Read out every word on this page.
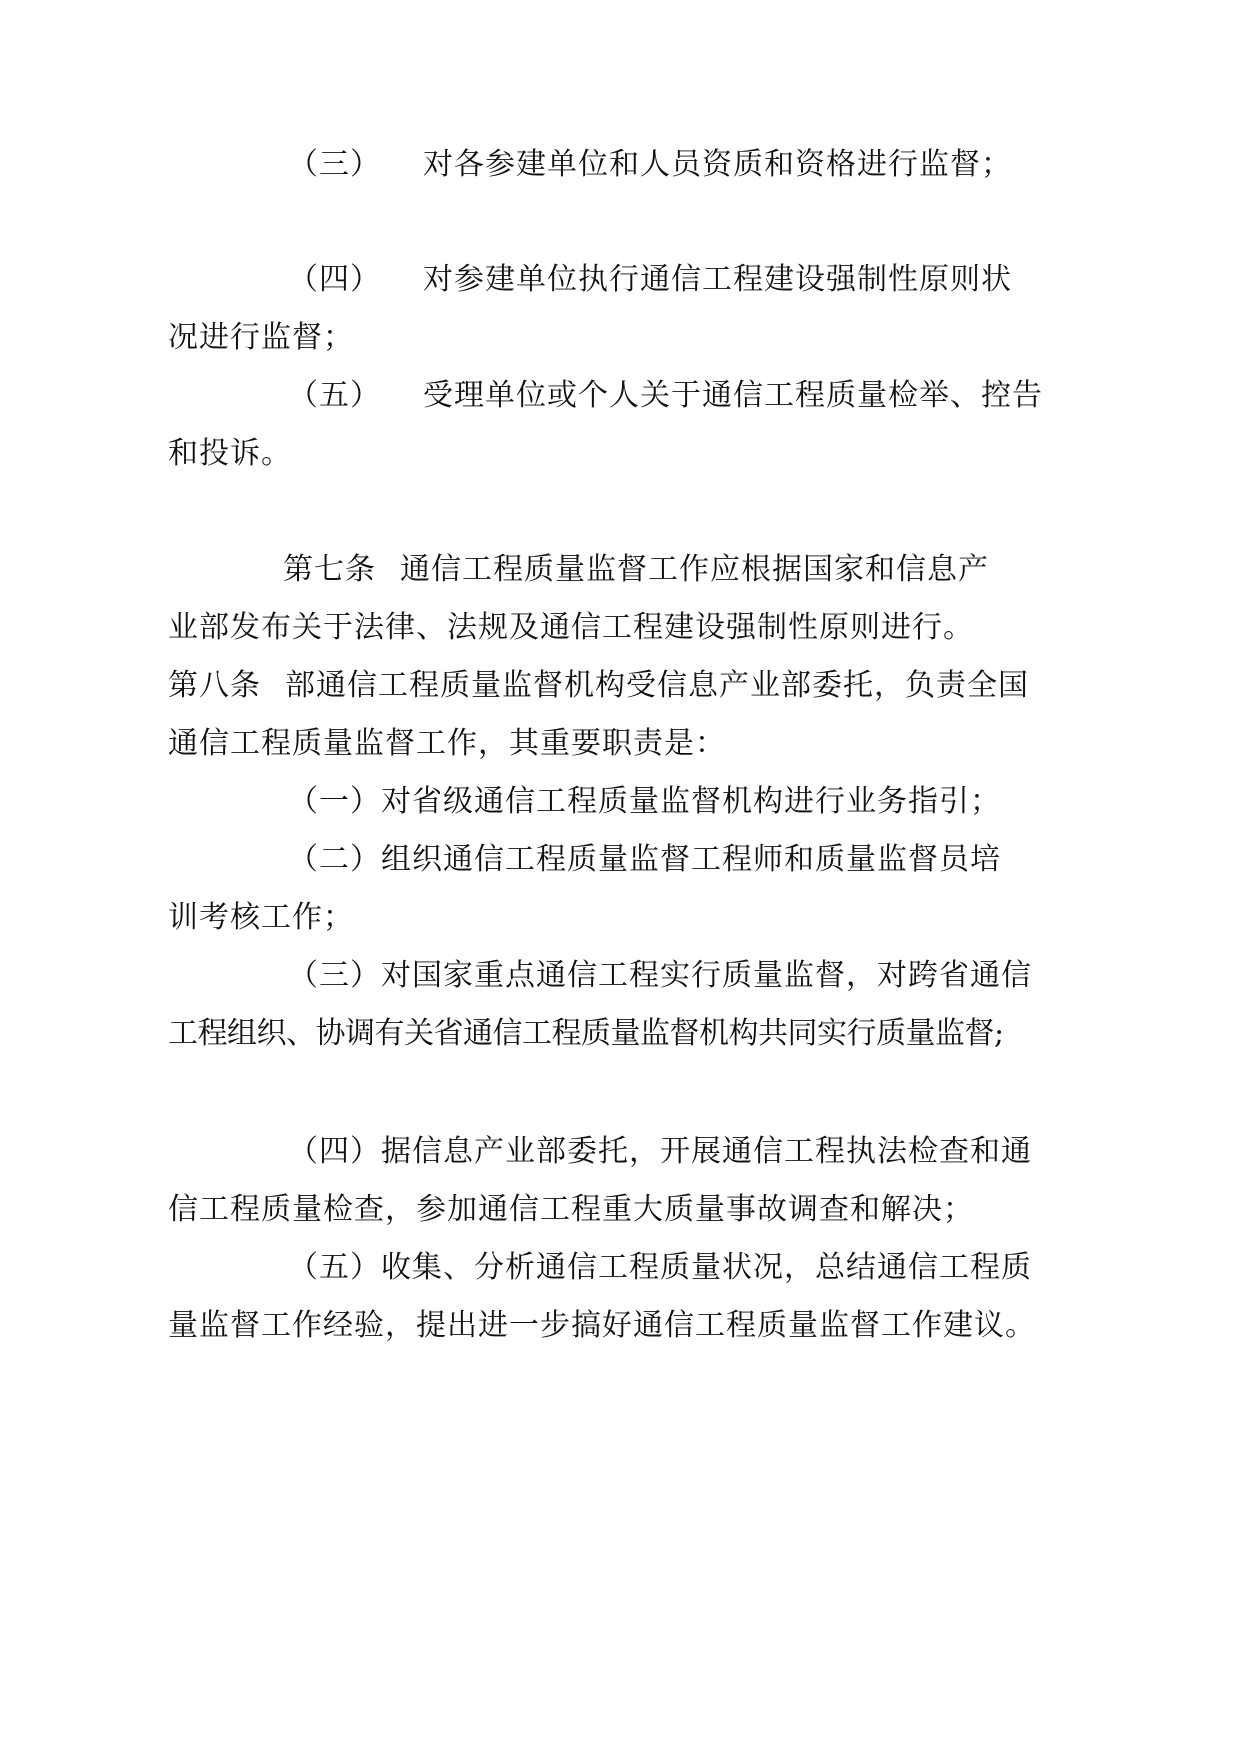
（三） 对各参建单位和人员资质和资格进行监督；
（四） 对参建单位执行通信工程建设强制性原则状
况进行监督；
（五） 受理单位或个人关于通信工程质量检举、控告
和投诉。
第七条 通信工程质量监督工作应根据国家和信息产
业部发布关于法律、法规及通信工程建设强制性原则进行。
第八条 部通信工程质量监督机构受信息产业部委托，负责全国
通信工程质量监督工作，其重要职责是：
（一）对省级通信工程质量监督机构进行业务指引；
（二）组织通信工程质量监督工程师和质量监督员培
训考核工作；
（三）对国家重点通信工程实行质量监督，对跨省通信
工程组织、协调有关省通信工程质量监督机构共同实行质量监督;
（四）据信息产业部委托，开展通信工程执法检查和通
信工程质量检查，参加通信工程重大质量事故调查和解决；
（五）收集、分析通信工程质量状况，总结通信工程质
量监督工作经验，提出进一步搞好通信工程质量监督工作建议。
